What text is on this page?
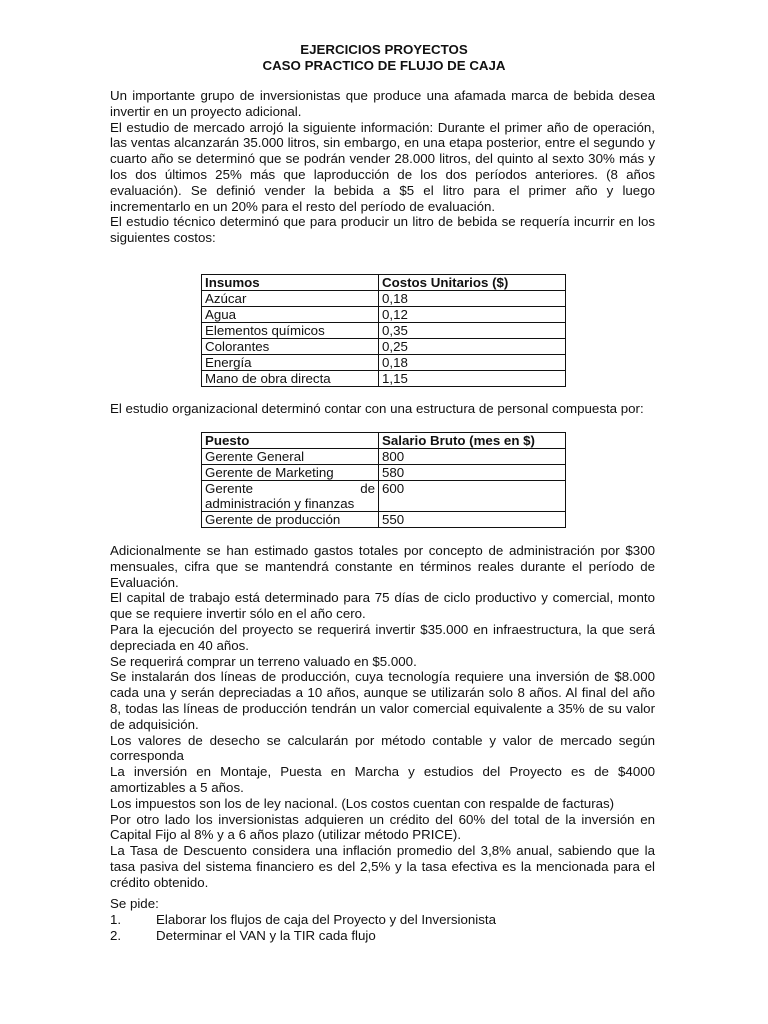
EJERCICIOS PROYECTOS
CASO PRACTICO DE FLUJO DE CAJA

Un importante grupo de inversionistas que produce una afamada marca de bebida desea invertir en un proyecto adicional.

El estudio de mercado arrojó la siguiente información: Durante el primer año de operación, las ventas alcanzarán 35.000 litros, sin embargo, en una etapa posterior, entre el segundo y cuarto año se determinó que se podrán vender 28.000 litros, del quinto al sexto 30% más y los dos últimos 25% más que laproducción de los dos períodos anteriores. (8 años evaluación). Se definió vender la bebida a $5 el litro para el primer año y luego incrementarlo en un 20% para el resto del período de evaluación.

El estudio técnico determinó que para producir un litro de bebida se requería incurrir en los siguientes costos:

Insumos	Costos Unitarios ($)
Azúcar	0,18
Agua	0,12
Elementos químicos	0,35
Colorantes	0,25
Energía	0,18
Mano de obra directa	1,15

El estudio organizacional determinó contar con una estructura de personal compuesta por:

Puesto	Salario Bruto (mes en $)
Gerente General	800
Gerente de Marketing	580

Gerente de
administración y finanzas	600
Gerente de producción	550

Adicionalmente se han estimado gastos totales por concepto de administración por $300 mensuales, cifra que se mantendrá constante en términos reales durante el período de Evaluación.

El capital de trabajo está determinado para 75 días de ciclo productivo y comercial, monto que se requiere invertir sólo en el año cero.

Para la ejecución del proyecto se requerirá invertir $35.000 en infraestructura, la que será depreciada en 40 años.

Se requerirá comprar un terreno valuado en $5.000.

Se instalarán dos líneas de producción, cuya tecnología requiere una inversión de $8.000 cada una y serán depreciadas a 10 años, aunque se utilizarán solo 8 años. Al final del año 8, todas las líneas de producción tendrán un valor comercial equivalente a 35% de su valor de adquisición.

Los valores de desecho se calcularán por método contable y valor de mercado según corresponda

La inversión en Montaje, Puesta en Marcha y estudios del Proyecto es de $4000 amortizables a 5 años.

Los impuestos son los de ley nacional. (Los costos cuentan con respalde de facturas)

Por otro lado los inversionistas adquieren un crédito del 60% del total de la inversión en Capital Fijo al 8% y a 6 años plazo (utilizar método PRICE).

La Tasa de Descuento considera una inflación promedio del 3,8% anual, sabiendo que la tasa pasiva del sistema financiero es del 2,5% y la tasa efectiva es la mencionada para el crédito obtenido.

Se pide:
1.	Elaborar los flujos de caja del Proyecto y del Inversionista
2.	Determinar el VAN y la TIR cada flujo
